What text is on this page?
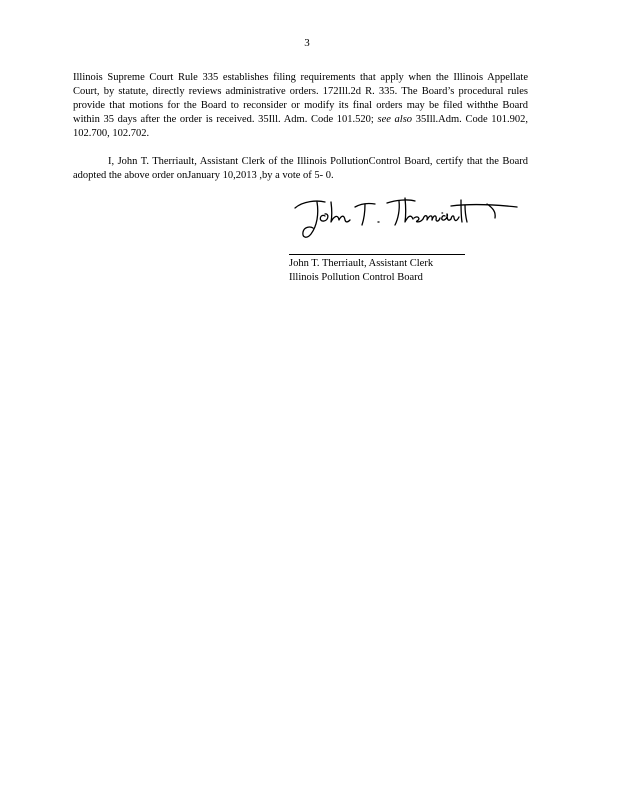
3
Illinois Supreme Court Rule 335 establishes filing requirements that apply when the Illinois Appellate Court, by statute, directly reviews administrative orders. 172Ill.2d R. 335. The Board’s procedural rules provide that motions for the Board to reconsider or modify its final orders may be filed withthe Board within 35 days after the order is received. 35Ill. Adm. Code 101.520; see also 35Ill.Adm. Code 101.902, 102.700, 102.702.
I, John T. Therriault, Assistant Clerk of the Illinois PollutionControl Board, certify that the Board adopted the above order onJanuary 10,2013 ,by a vote of 5- 0.
John T. Therriault, Assistant Clerk
Illinois Pollution Control Board
